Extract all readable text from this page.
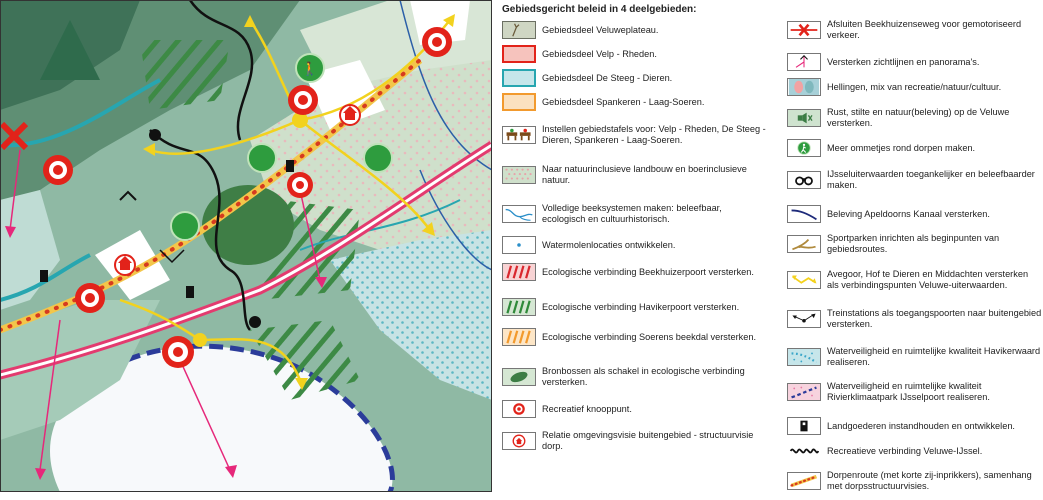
🚶
Gebiedsgericht beleid in 4 deelgebieden:
Gebiedsdeel Veluweplateau.
Gebiedsdeel Velp - Rheden.
Gebiedsdeel De Steeg - Dieren.
Gebiedsdeel Spankeren - Laag-Soeren.
Instellen gebiedstafels voor: Velp - Rheden, De Steeg - Dieren, Spankeren - Laag-Soeren.
Naar natuurinclusieve landbouw en boerinclusieve natuur.
Volledige beeksystemen maken: beleefbaar, ecologisch en cultuurhistorisch.
Watermolenlocaties ontwikkelen.
Ecologische verbinding Beekhuizerpoort versterken.
Ecologische verbinding Havikerpoort versterken.
Ecologische verbinding Soerens beekdal versterken.
Bronbossen als schakel in ecologische verbinding versterken.
Recreatief knooppunt.
Relatie omgevingsvisie buitengebied - structuurvisie dorp.
Afsluiten Beekhuizenseweg voor gemotoriseerd verkeer.
Versterken zichtlijnen en panorama's.
Hellingen, mix van recreatie/natuur/cultuur.
Rust, stilte en natuur(beleving) op de Veluwe versterken.
Meer ommetjes rond dorpen maken.
IJsseluiterwaarden toegankelijker en beleefbaarder maken.
Beleving Apeldoorns Kanaal versterken.
Sportparken inrichten als beginpunten van gebiedsroutes.
Avegoor, Hof te Dieren en Middachten versterken als verbindingspunten Veluwe-uiterwaarden.
Treinstations als toegangspoorten naar buitengebied versterken.
Waterveiligheid en ruimtelijke kwaliteit Havikerwaard realiseren.
Waterveiligheid en ruimtelijke kwaliteit Rivierklimaatpark IJsselpoort realiseren.
Landgoederen instandhouden en ontwikkelen.
Recreatieve verbinding Veluwe-IJssel.
Dorpenroute (met korte zij-inprikkers), samenhang met dorpsstructuurvisies.
